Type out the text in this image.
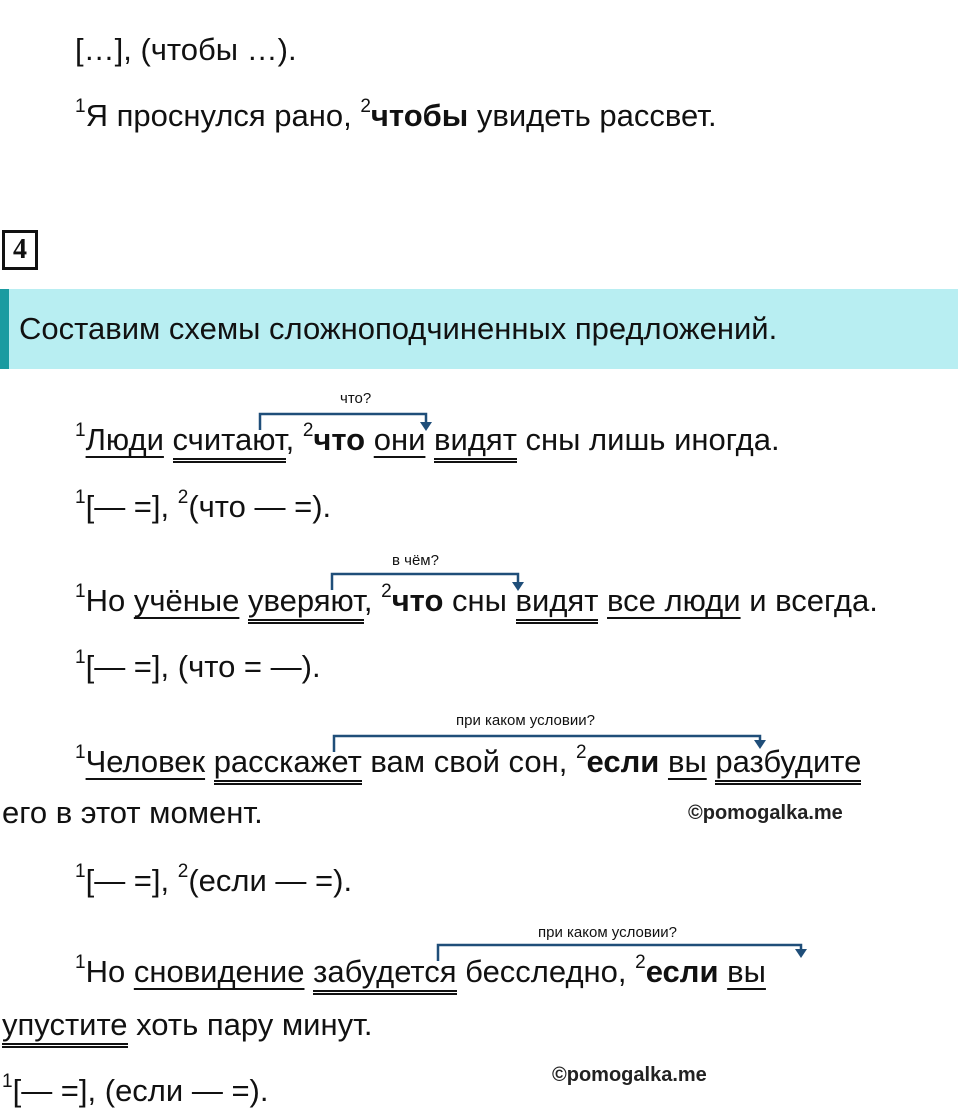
[…], (чтобы …).
$^1$Я проснулся рано, $^2$чтобы увидеть рассвет.
4
Составим схемы сложноподчиненных предложений.
что?
$^1$Люди считают, $^2$что они видят сны лишь иногда.
$^1$[— =], $^2$(что — =).
в чём?
$^1$Но учёные уверяют, $^2$что сны видят все люди и всегда.
$^1$[— =], (что = —).
при каком условии?
$^1$Человек расскажет вам свой сон, $^2$если вы разбудите
его в этот момент.	©pomogalka.me
$^1$[— =], $^2$(если — =).
при каком условии?
$^1$Но сновидение забудется бесследно, $^2$если вы
упустите хоть пару минут.
©pomogalka.me
$^1$[— =], (если — =).
